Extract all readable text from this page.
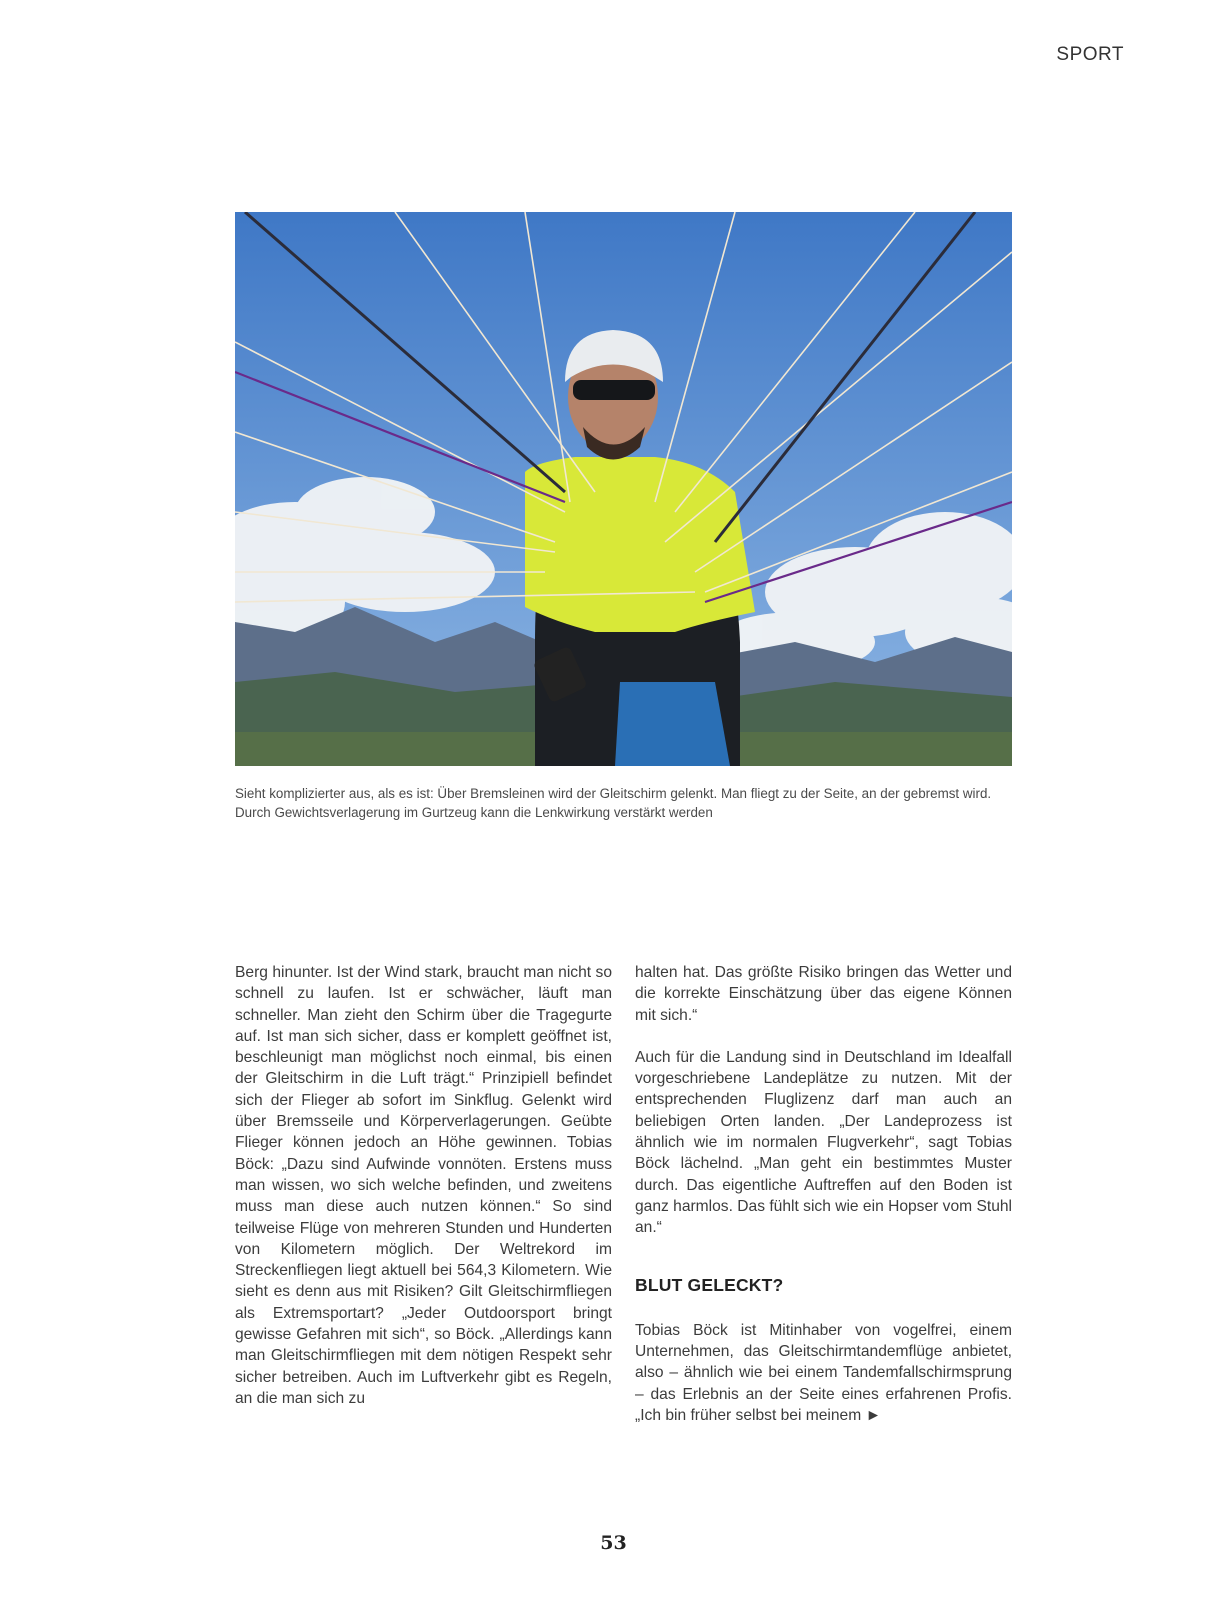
SPORT
Sieht komplizierter aus, als es ist: Über Bremsleinen wird der Gleitschirm gelenkt. Man fliegt zu der Seite, an der gebremst wird. Durch Gewichtsverlagerung im Gurtzeug kann die Lenkwirkung verstärkt werden

Berg hinunter. Ist der Wind stark, braucht man nicht so schnell zu laufen. Ist er schwächer, läuft man schneller. Man zieht den Schirm über die Tragegurte auf. Ist man sich sicher, dass er komplett geöffnet ist, beschleunigt man möglichst noch einmal, bis einen der Gleitschirm in die Luft trägt.“ Prinzipiell befindet sich der Flieger ab sofort im Sinkflug. Gelenkt wird über Bremsseile und Körperverlagerungen. Geübte Flieger können jedoch an Höhe gewinnen. Tobias Böck: „Dazu sind Aufwinde vonnöten. Erstens muss man wissen, wo sich welche befinden, und zweitens muss man diese auch nutzen können.“ So sind teilweise Flüge von mehreren Stunden und Hunderten von Kilometern möglich. Der Weltrekord im Streckenfliegen liegt aktuell bei 564,3 Kilometern. Wie sieht es denn aus mit Risiken? Gilt Gleitschirmfliegen als Extremsportart? „Jeder Outdoorsport bringt gewisse Gefahren mit sich“, so Böck. „Allerdings kann man Gleitschirmfliegen mit dem nötigen Respekt sehr sicher betreiben. Auch im Luftverkehr gibt es Regeln, an die man sich zu

halten hat. Das größte Risiko bringen das Wetter und die korrekte Einschätzung über das eigene Können mit sich.“

Auch für die Landung sind in Deutschland im Idealfall vorgeschriebene Landeplätze zu nutzen. Mit der entsprechenden Fluglizenz darf man auch an beliebigen Orten landen. „Der Landeprozess ist ähnlich wie im normalen Flugverkehr“, sagt Tobias Böck lächelnd. „Man geht ein bestimmtes Muster durch. Das eigentliche Auftreffen auf den Boden ist ganz harmlos. Das fühlt sich wie ein Hopser vom Stuhl an.“

BLUT GELECKT?

Tobias Böck ist Mitinhaber von vogelfrei, einem Unternehmen, das Gleitschirmtandemflüge anbietet, also – ähnlich wie bei einem Tandemfallschirmsprung – das Erlebnis an der Seite eines erfahrenen Profis. „Ich bin früher selbst bei meinem ►

53
